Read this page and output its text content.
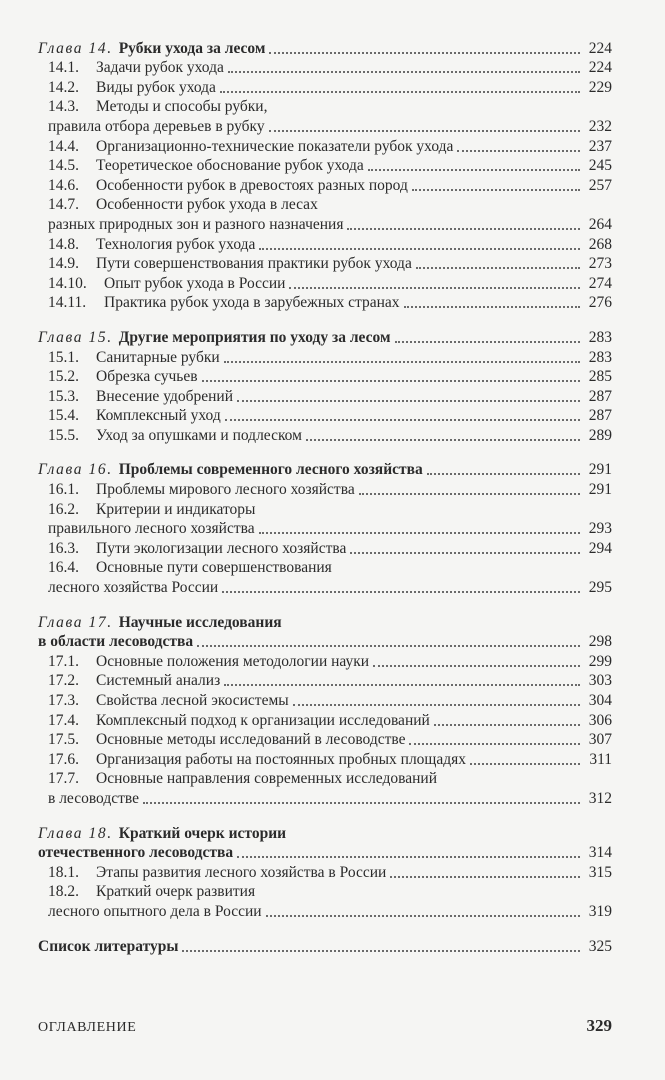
Глава 14. Рубки ухода за лесом	224
14.1.	Задачи рубок ухода	224
14.2.	Виды рубок ухода	229
14.3.	Методы и способы рубки,
правила отбора деревьев в рубку	232
14.4.	Организационно-технические показатели рубок ухода	237
14.5.	Теоретическое обоснование рубок ухода	245
14.6.	Особенности рубок в древостоях разных пород	257
14.7.	Особенности рубок ухода в лесах
разных природных зон и разного назначения	264
14.8.	Технология рубок ухода	268
14.9.	Пути совершенствования практики рубок ухода	273
14.10.	Опыт рубок ухода в России	274
14.11.	Практика рубок ухода в зарубежных странах	276
Глава 15. Другие мероприятия по уходу за лесом	283
15.1.	Санитарные рубки	283
15.2.	Обрезка сучьев	285
15.3.	Внесение удобрений	287
15.4.	Комплексный уход	287
15.5.	Уход за опушками и подлеском	289
Глава 16. Проблемы современного лесного хозяйства	291
16.1.	Проблемы мирового лесного хозяйства	291
16.2.	Критерии и индикаторы
правильного лесного хозяйства	293
16.3.	Пути экологизации лесного хозяйства	294
16.4.	Основные пути совершенствования
лесного хозяйства России	295
Глава 17. Научные исследования
в области лесоводства	298
17.1.	Основные положения методологии науки	299
17.2.	Системный анализ	303
17.3.	Свойства лесной экосистемы	304
17.4.	Комплексный подход к организации исследований	306
17.5.	Основные методы исследований в лесоводстве	307
17.6.	Организация работы на постоянных пробных площадях	311
17.7.	Основные направления современных исследований
в лесоводстве	312
Глава 18. Краткий очерк истории
отечественного лесоводства	314
18.1.	Этапы развития лесного хозяйства в России	315
18.2.	Краткий очерк развития
лесного опытного дела в России	319
Список литературы	325
ОГЛАВЛЕНИЕ	329
